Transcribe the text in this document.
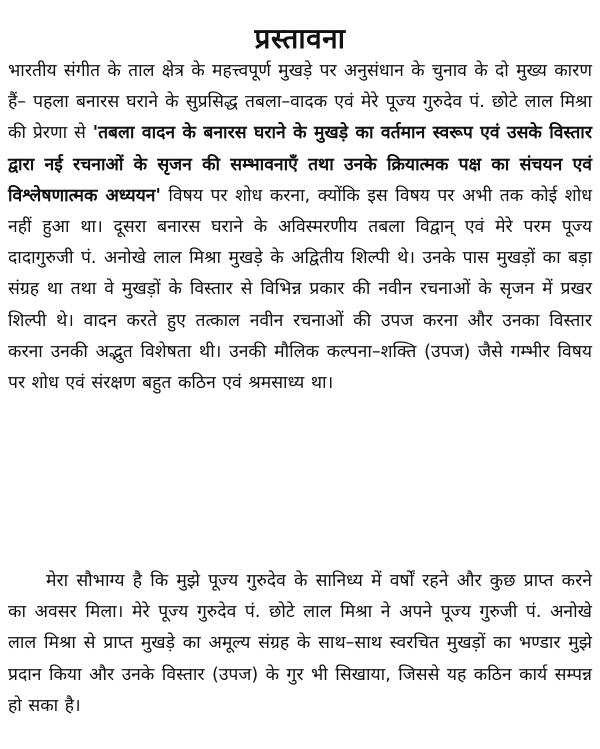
प्रस्तावना

भारतीय संगीत के ताल क्षेत्र के महत्त्वपूर्ण मुखड़े पर अनुसंधान के चुनाव के दो मुख्य कारण हैं– पहला बनारस घराने के सुप्रसिद्ध तबला–वादक एवं मेरे पूज्य गुरुदेव पं. छोटे लाल मिश्रा की प्रेरणा से 'तबला वादन के बनारस घराने के मुखड़े का वर्तमान स्वरूप एवं उसके विस्तार द्वारा नई रचनाओं के सृजन की सम्भावनाएँ तथा उनके क्रियात्मक पक्ष का संचयन एवं विश्लेषणात्मक अध्ययन' विषय पर शोध करना, क्योंकि इस विषय पर अभी तक कोई शोध नहीं हुआ था। दूसरा बनारस घराने के अविस्मरणीय तबला विद्वान् एवं मेरे परम पूज्य दादागुरुजी पं. अनोखे लाल मिश्रा मुखड़े के अद्वितीय शिल्पी थे। उनके पास मुखड़ों का बड़ा संग्रह था तथा वे मुखड़ों के विस्तार से विभिन्न प्रकार की नवीन रचनाओं के सृजन में प्रखर शिल्पी थे। वादन करते हुए तत्काल नवीन रचनाओं की उपज करना और उनका विस्तार करना उनकी अद्भुत विशेषता थी। उनकी मौलिक कल्पना–शक्ति (उपज) जैसे गम्भीर विषय पर शोध एवं संरक्षण बहुत कठिन एवं श्रमसाध्य था।

मेरा सौभाग्य है कि मुझे पूज्य गुरुदेव के सानिध्य में वर्षों रहने और कुछ प्राप्त करने का अवसर मिला। मेरे पूज्य गुरुदेव पं. छोटे लाल मिश्रा ने अपने पूज्य गुरुजी पं. अनोखे लाल मिश्रा से प्राप्त मुखड़े का अमूल्य संग्रह के साथ–साथ स्वरचित मुखड़ों का भण्डार मुझे प्रदान किया और उनके विस्तार (उपज) के गुर भी सिखाया, जिससे यह कठिन कार्य सम्पन्न हो सका है।
